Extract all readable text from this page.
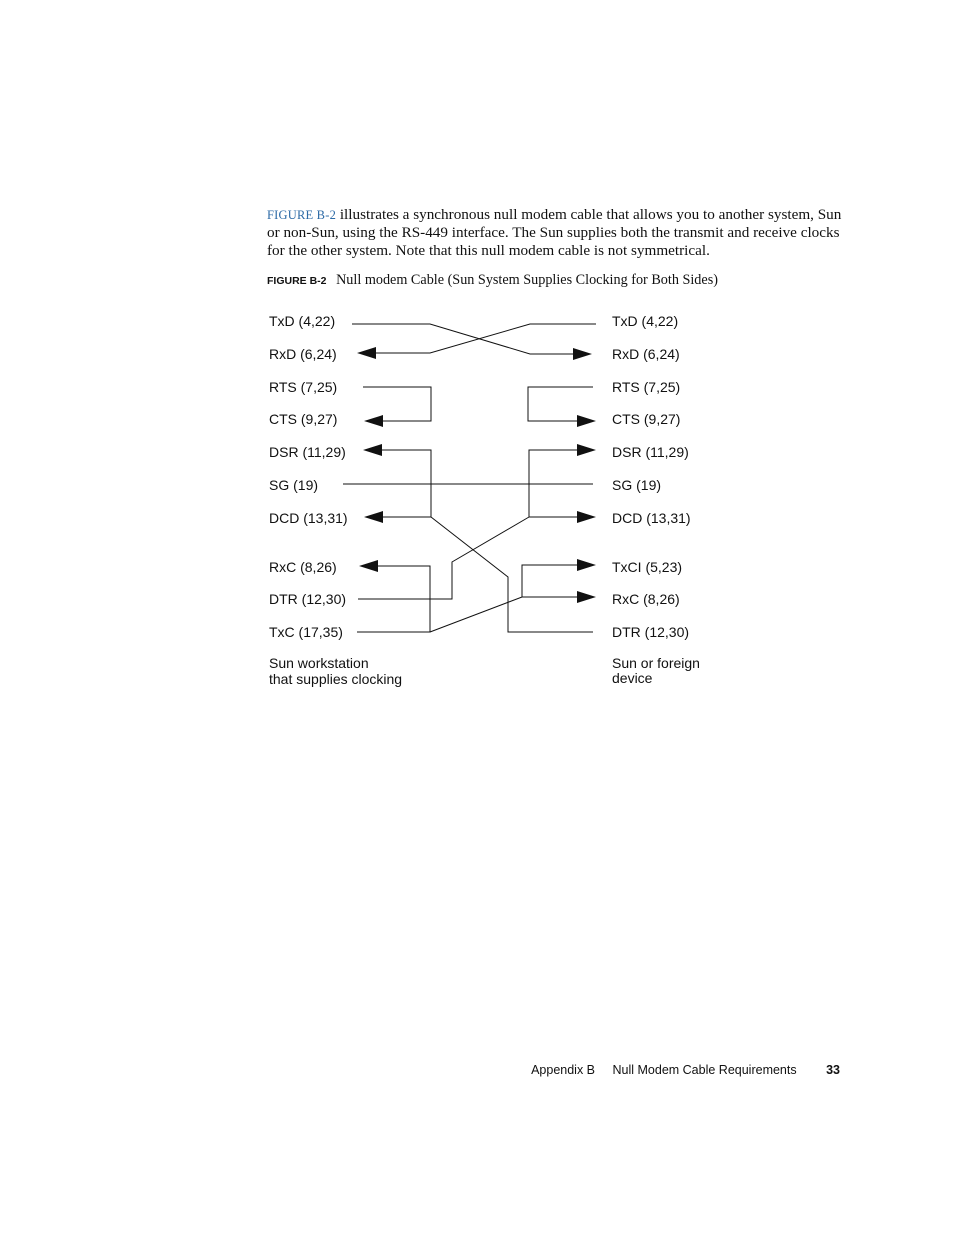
FIGURE B-2 illustrates a synchronous null modem cable that allows you to another system, Sun or non-Sun, using the RS-449 interface. The Sun supplies both the transmit and receive clocks for the other system. Note that this null modem cable is not symmetrical.

FIGURE B-2 Null modem Cable (Sun System Supplies Clocking for Both Sides)
TxD (4,22)
RxD (6,24)
RTS (7,25)
CTS (9,27)
DSR (11,29)
SG (19)
DCD (13,31)
RxC (8,26)
DTR (12,30)
TxC (17,35)
TxD (4,22)
RxD (6,24)
RTS (7,25)
CTS (9,27)
DSR (11,29)
SG (19)
DCD (13,31)
TxCI (5,23)
RxC (8,26)
DTR (12,30)
Sun workstation
that supplies clocking
Sun or foreign
device
Appendix B Null Modem Cable Requirements 33
